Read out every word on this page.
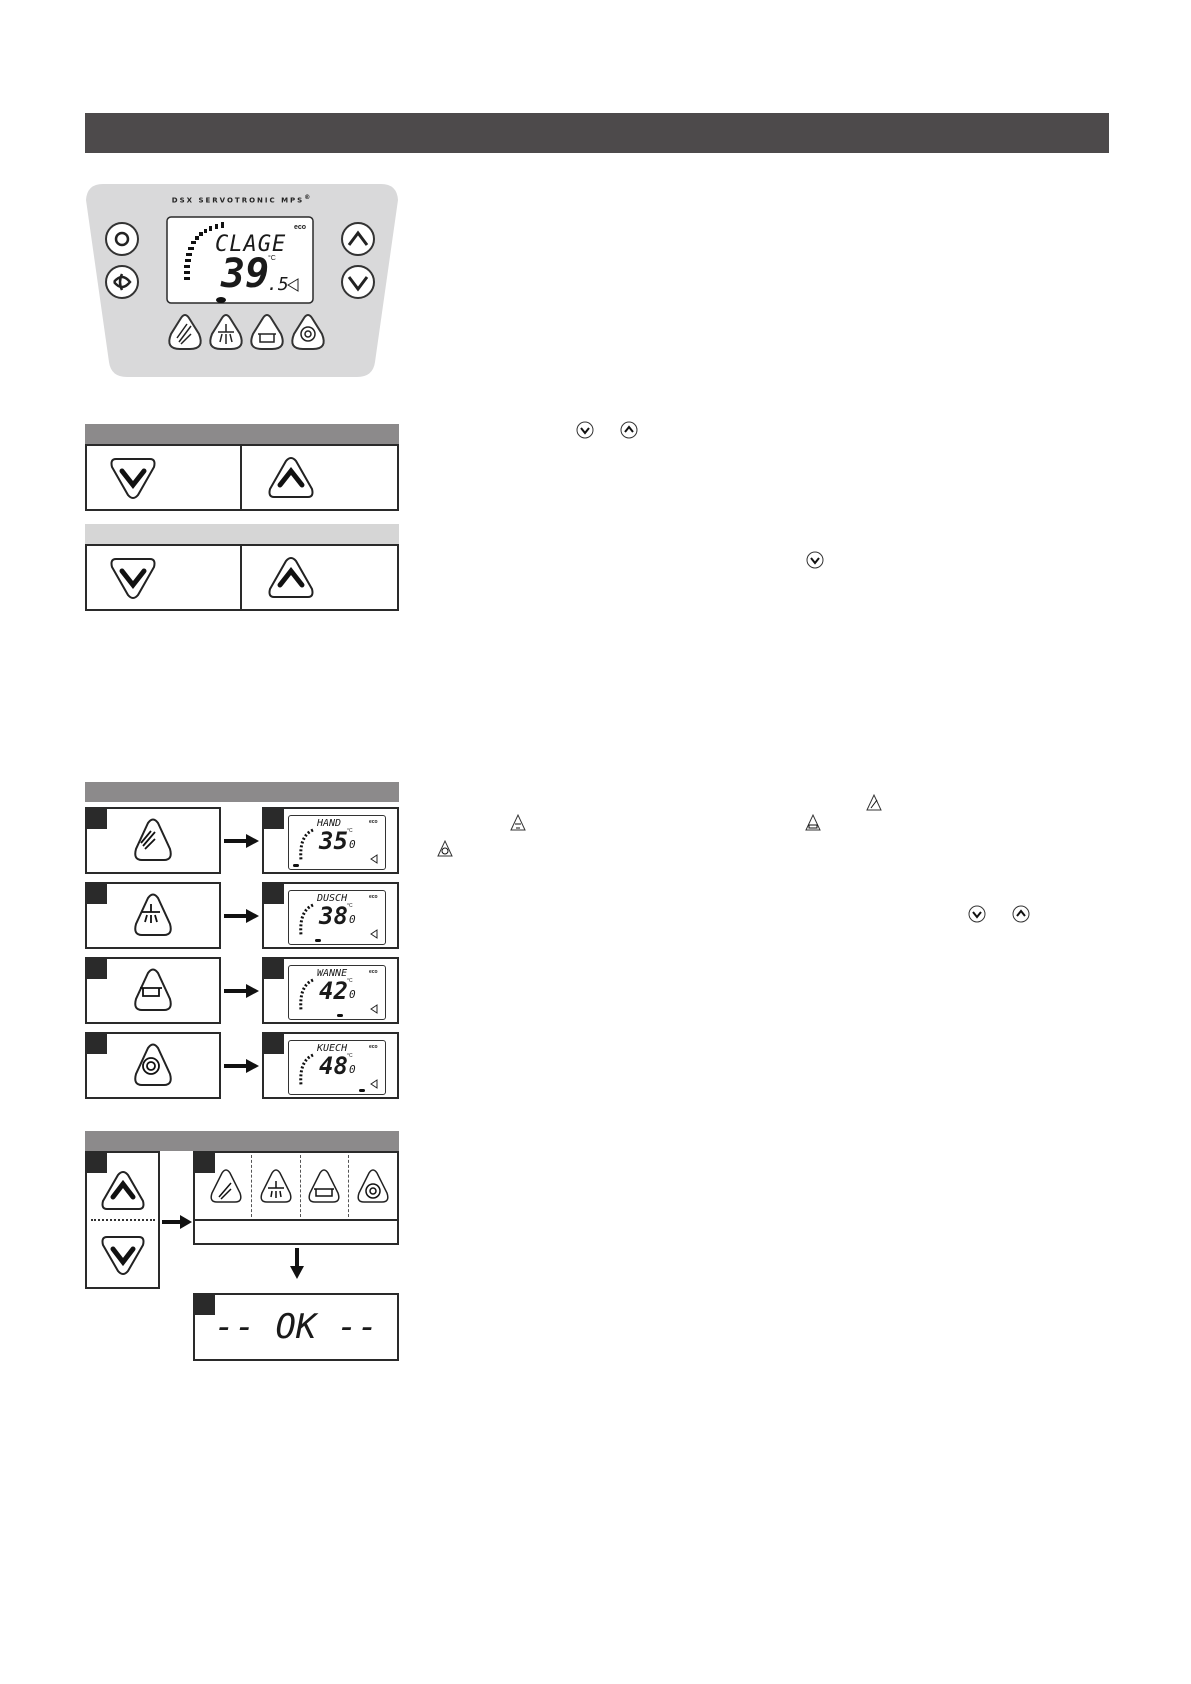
DSX SERVOTRONIC MPS®
CLAGE
39
.5
°C
eco
HAND
35 0
°C
eco
DUSCH
38 0
°C
eco
WANNE
42 0
°C
eco
KUECH
48 0
°C
eco
-- OK --
